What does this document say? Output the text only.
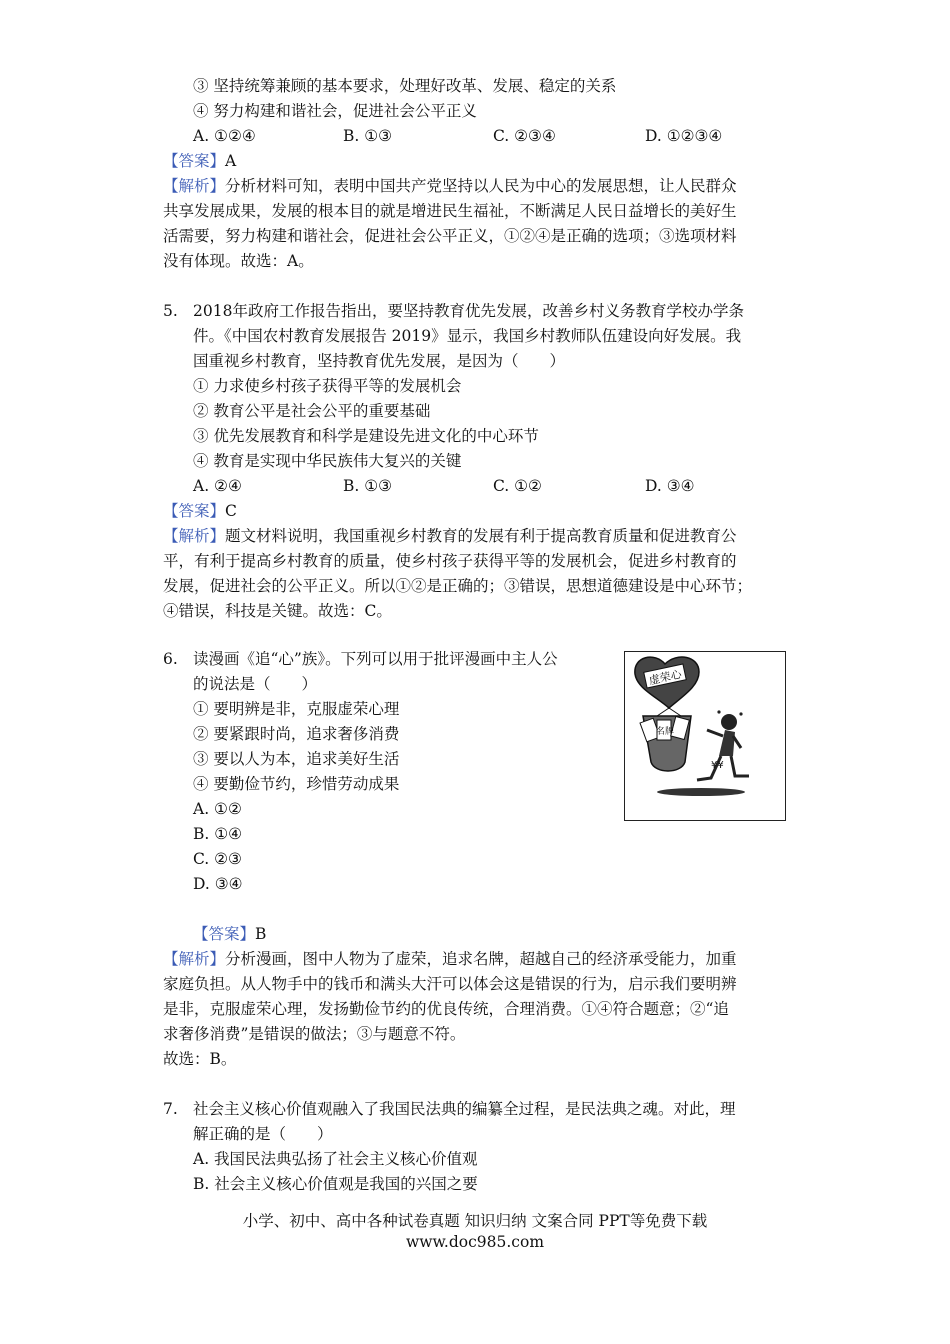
③ 坚持统筹兼顾的基本要求，处理好改革、发展、稳定的关系
④ 努力构建和谐社会，促进社会公平正义
A. ①②④	B. ①③	C. ②③④	D. ①②③④
【答案】A
【解析】分析材料可知，表明中国共产党坚持以人民为中心的发展思想，让人民群众
共享发展成果，发展的根本目的就是增进民生福祉，不断满足人民日益增长的美好生
活需要，努力构建和谐社会，促进社会公平正义，①②④是正确的选项；③选项材料
没有体现。故选：A。
5. 2018年政府工作报告指出，要坚持教育优先发展，改善乡村义务教育学校办学条
件。《中国农村教育发展报告 2019》显示，我国乡村教师队伍建设向好发展。我
国重视乡村教育，坚持教育优先发展，是因为（　　）
① 力求使乡村孩子获得平等的发展机会
② 教育公平是社会公平的重要基础
③ 优先发展教育和科学是建设先进文化的中心环节
④ 教育是实现中华民族伟大复兴的关键
A. ②④	B. ①③	C. ①②	D. ③④
【答案】C
【解析】题文材料说明，我国重视乡村教育的发展有利于提高教育质量和促进教育公
平，有利于提高乡村教育的质量，使乡村孩子获得平等的发展机会，促进乡村教育的
发展，促进社会的公平正义。所以①②是正确的；③错误，思想道德建设是中心环节；
④错误，科技是关键。故选：C。
6. 读漫画《追“心”族》。下列可以用于批评漫画中主人公
的说法是（　　）
① 要明辨是非，克服虚荣心理
② 要紧跟时尚，追求奢侈消费
③ 要以人为本，追求美好生活
④ 要勤俭节约，珍惜劳动成果
A. ①②
B. ①④
C. ②③
D. ③④
虚荣心
名牌
¥¥
【答案】B
【解析】分析漫画，图中人物为了虚荣，追求名牌，超越自己的经济承受能力，加重
家庭负担。从人物手中的钱币和满头大汗可以体会这是错误的行为，启示我们要明辨
是非，克服虚荣心理，发扬勤俭节约的优良传统，合理消费。①④符合题意；②“追
求奢侈消费”是错误的做法；③与题意不符。
故选：B。
7. 社会主义核心价值观融入了我国民法典的编纂全过程，是民法典之魂。对此，理
解正确的是（　　）
A. 我国民法典弘扬了社会主义核心价值观
B. 社会主义核心价值观是我国的兴国之要
小学、初中、高中各种试卷真题 知识归纳 文案合同 PPT等免费下载
www.doc985.com
